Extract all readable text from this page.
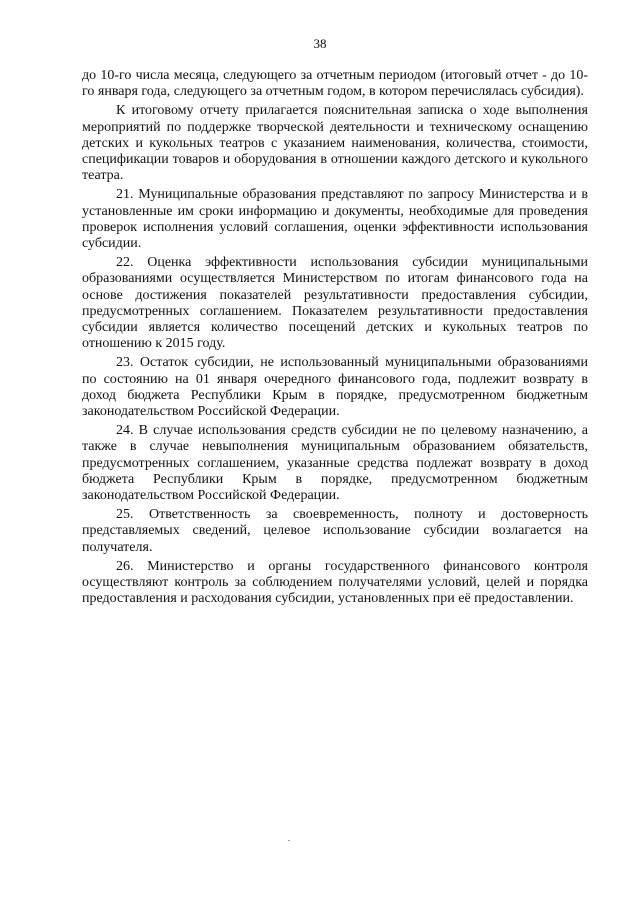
38

до 10-го числа месяца, следующего за отчетным периодом (итоговый отчет - до 10-го января года, следующего за отчетным годом, в котором перечислялась субсидия).

К итоговому отчету прилагается пояснительная записка о ходе выполнения мероприятий по поддержке творческой деятельности и техническому оснащению детских и кукольных театров с указанием наименования, количества, стоимости, спецификации товаров и оборудования в отношении каждого детского и кукольного театра.

21. Муниципальные образования представляют по запросу Министерства и в установленные им сроки информацию и документы, необходимые для проведения проверок исполнения условий соглашения, оценки эффективности использования субсидии.

22. Оценка эффективности использования субсидии муниципальными образованиями осуществляется Министерством по итогам финансового года на основе достижения показателей результативности предоставления субсидии, предусмотренных соглашением. Показателем результативности предоставления субсидии является количество посещений детских и кукольных театров по отношению к 2015 году.

23. Остаток субсидии, не использованный муниципальными образованиями по состоянию на 01 января очередного финансового года, подлежит возврату в доход бюджета Республики Крым в порядке, предусмотренном бюджетным законодательством Российской Федерации.

24. В случае использования средств субсидии не по целевому назначению, а также в случае невыполнения муниципальным образованием обязательств, предусмотренных соглашением, указанные средства подлежат возврату в доход бюджета Республики Крым в порядке, предусмотренном бюджетным законодательством Российской Федерации.

25. Ответственность за своевременность, полноту и достоверность представляемых сведений, целевое использование субсидии возлагается на получателя.

26. Министерство и органы государственного финансового контроля осуществляют контроль за соблюдением получателями условий, целей и порядка предоставления и расходования субсидии, установленных при её предоставлении.
